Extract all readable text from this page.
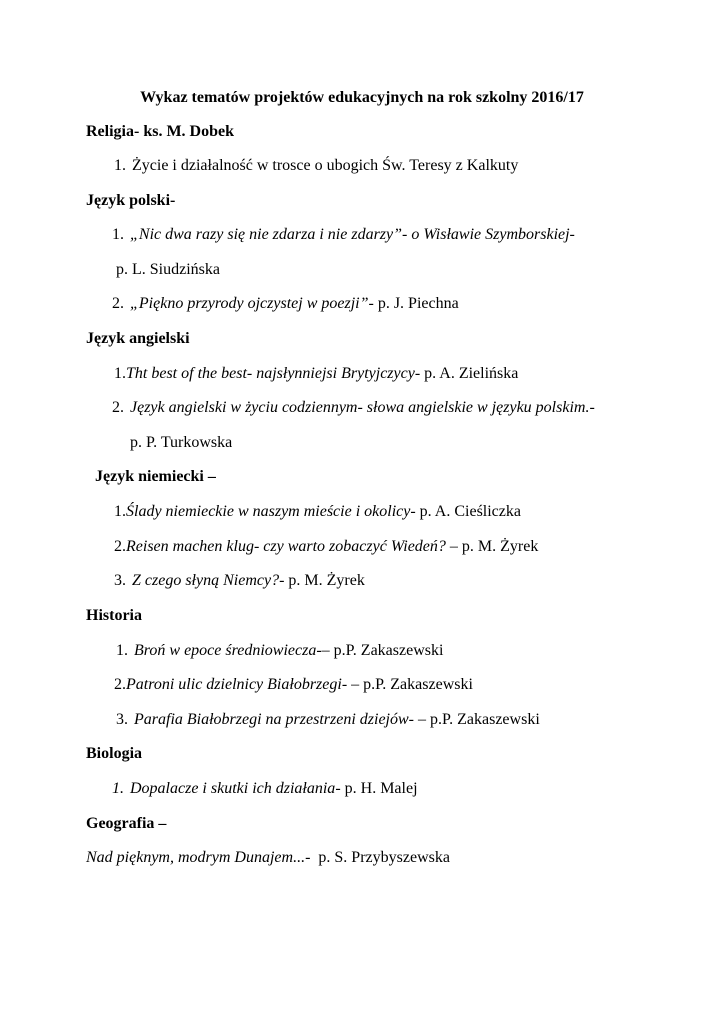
Wykaz tematów projektów edukacyjnych na rok szkolny 2016/17
Religia- ks. M. Dobek
1. Życie i działalność w trosce o ubogich Św. Teresy z Kalkuty
Język polski-
1. „Nic dwa razy się nie zdarza i nie zdarzy”- o Wisławie Szymborskiej-
p. L. Siudzińska
2. „Piękno przyrody ojczystej w poezji”- p. J. Piechna
Język angielski
1.Tht best of the best- najsłynniejsi Brytyjczycy- p. A. Zielińska
2. Język angielski w życiu codziennym- słowa angielskie w języku polskim.-
p. P. Turkowska
Język niemiecki –
1.Ślady niemieckie w naszym mieście i okolicy- p. A. Cieśliczka
2.Reisen machen klug- czy warto zobaczyć Wiedeń? – p. M. Żyrek
3. Z czego słyną Niemcy?- p. M. Żyrek
Historia
1. Broń w epoce średniowiecza-– p.P. Zakaszewski
2.Patroni ulic dzielnicy Białobrzegi- – p.P. Zakaszewski
3. Parafia Białobrzegi na przestrzeni dziejów- – p.P. Zakaszewski
Biologia
1. Dopalacze i skutki ich działania- p. H. Malej
Geografia –
Nad pięknym, modrym Dunajem...-  p. S. Przybyszewska
